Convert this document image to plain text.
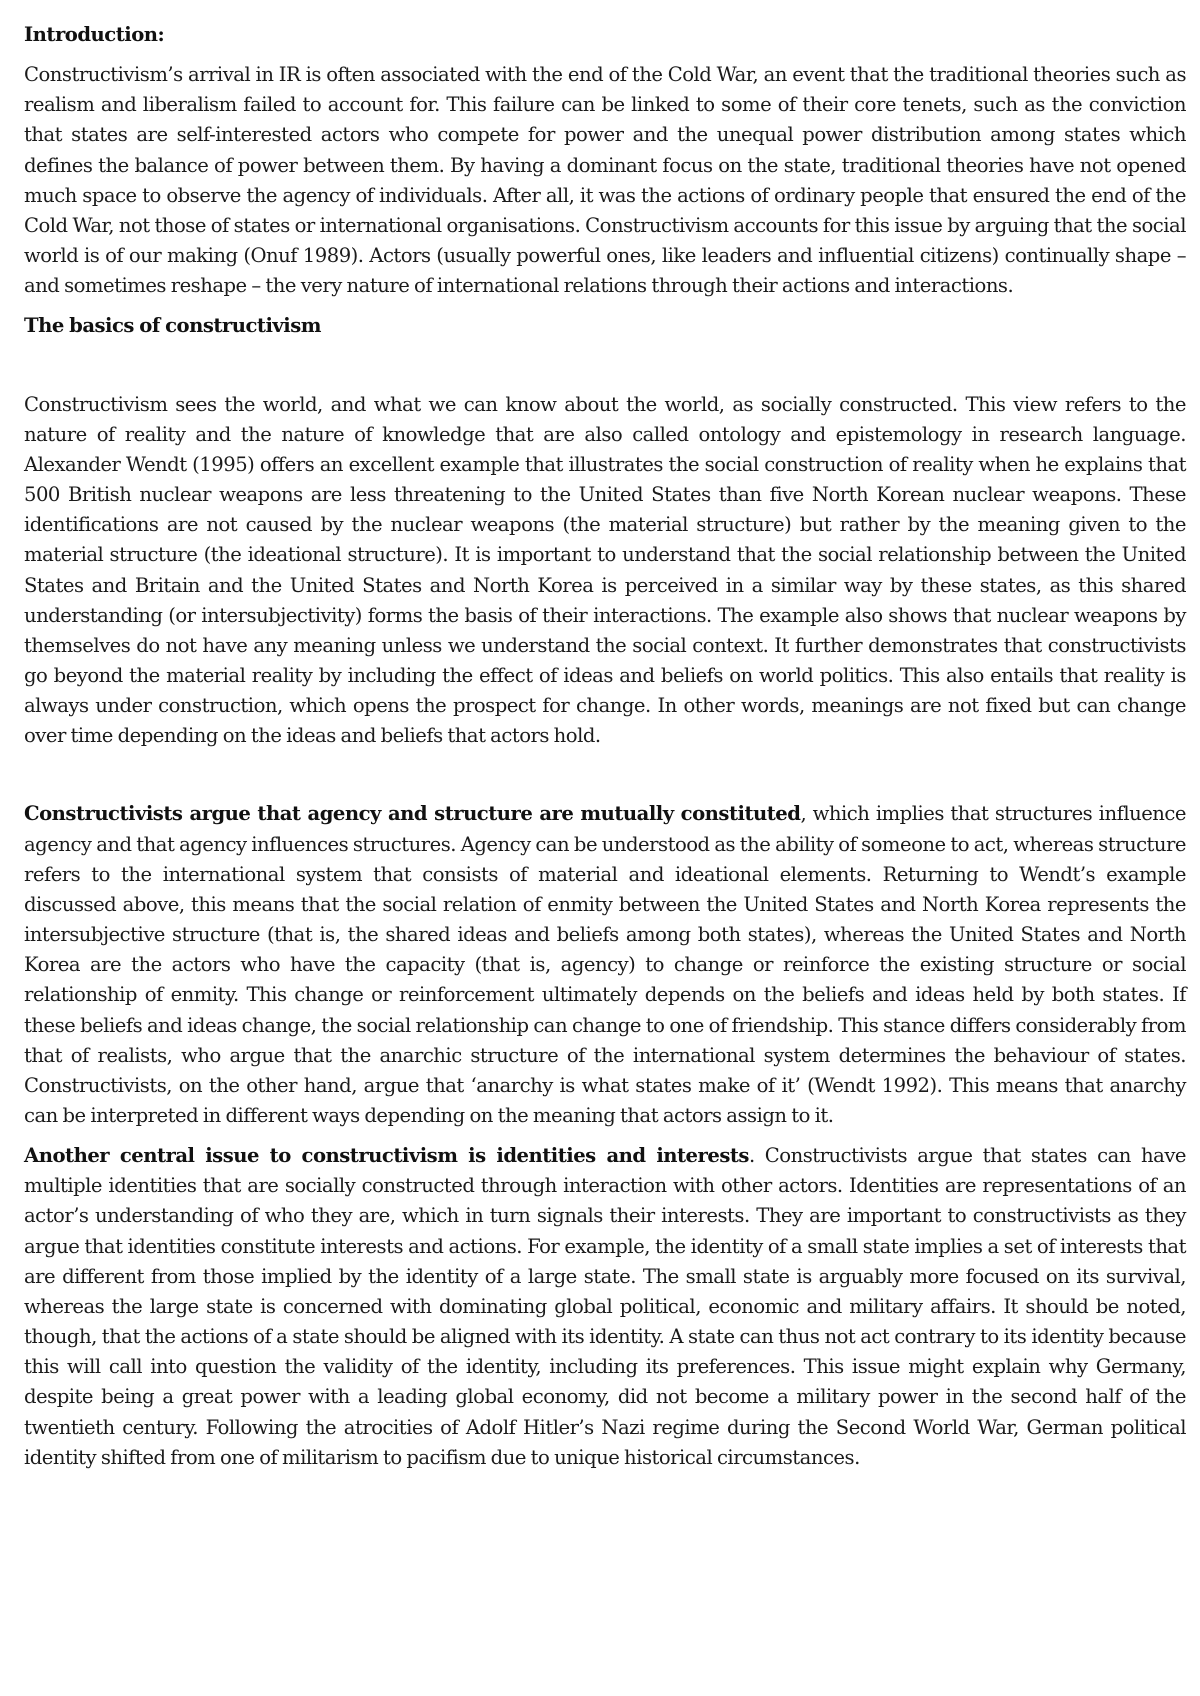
Introduction:

Constructivism’s arrival in IR is often associated with the end of the Cold War, an event that the traditional theories such as realism and liberalism failed to account for. This failure can be linked to some of their core tenets, such as the conviction that states are self-interested actors who compete for power and the unequal power distribution among states which defines the balance of power between them. By having a dominant focus on the state, traditional theories have not opened much space to observe the agency of individuals. After all, it was the actions of ordinary people that ensured the end of the Cold War, not those of states or international organisations. Constructivism accounts for this issue by arguing that the social world is of our making (Onuf 1989). Actors (usually powerful ones, like leaders and influential citizens) continually shape – and sometimes reshape – the very nature of international relations through their actions and interactions.

The basics of constructivism

Constructivism sees the world, and what we can know about the world, as socially constructed. This view refers to the nature of reality and the nature of knowledge that are also called ontology and epistemology in research language. Alexander Wendt (1995) offers an excellent example that illustrates the social construction of reality when he explains that 500 British nuclear weapons are less threatening to the United States than five North Korean nuclear weapons. These identifications are not caused by the nuclear weapons (the material structure) but rather by the meaning given to the material structure (the ideational structure). It is important to understand that the social relationship between the United States and Britain and the United States and North Korea is perceived in a similar way by these states, as this shared understanding (or intersubjectivity) forms the basis of their interactions. The example also shows that nuclear weapons by themselves do not have any meaning unless we understand the social context. It further demonstrates that constructivists go beyond the material reality by including the effect of ideas and beliefs on world politics. This also entails that reality is always under construction, which opens the prospect for change. In other words, meanings are not fixed but can change over time depending on the ideas and beliefs that actors hold.

Constructivists argue that agency and structure are mutually constituted, which implies that structures influence agency and that agency influences structures. Agency can be understood as the ability of someone to act, whereas structure refers to the international system that consists of material and ideational elements. Returning to Wendt’s example discussed above, this means that the social relation of enmity between the United States and North Korea represents the intersubjective structure (that is, the shared ideas and beliefs among both states), whereas the United States and North Korea are the actors who have the capacity (that is, agency) to change or reinforce the existing structure or social relationship of enmity. This change or reinforcement ultimately depends on the beliefs and ideas held by both states. If these beliefs and ideas change, the social relationship can change to one of friendship. This stance differs considerably from that of realists, who argue that the anarchic structure of the international system determines the behaviour of states. Constructivists, on the other hand, argue that ‘anarchy is what states make of it’ (Wendt 1992). This means that anarchy can be interpreted in different ways depending on the meaning that actors assign to it.

Another central issue to constructivism is identities and interests. Constructivists argue that states can have multiple identities that are socially constructed through interaction with other actors. Identities are representations of an actor’s understanding of who they are, which in turn signals their interests. They are important to constructivists as they argue that identities constitute interests and actions. For example, the identity of a small state implies a set of interests that are different from those implied by the identity of a large state. The small state is arguably more focused on its survival, whereas the large state is concerned with dominating global political, economic and military affairs. It should be noted, though, that the actions of a state should be aligned with its identity. A state can thus not act contrary to its identity because this will call into question the validity of the identity, including its preferences. This issue might explain why Germany, despite being a great power with a leading global economy, did not become a military power in the second half of the twentieth century. Following the atrocities of Adolf Hitler’s Nazi regime during the Second World War, German political identity shifted from one of militarism to pacifism due to unique historical circumstances.
